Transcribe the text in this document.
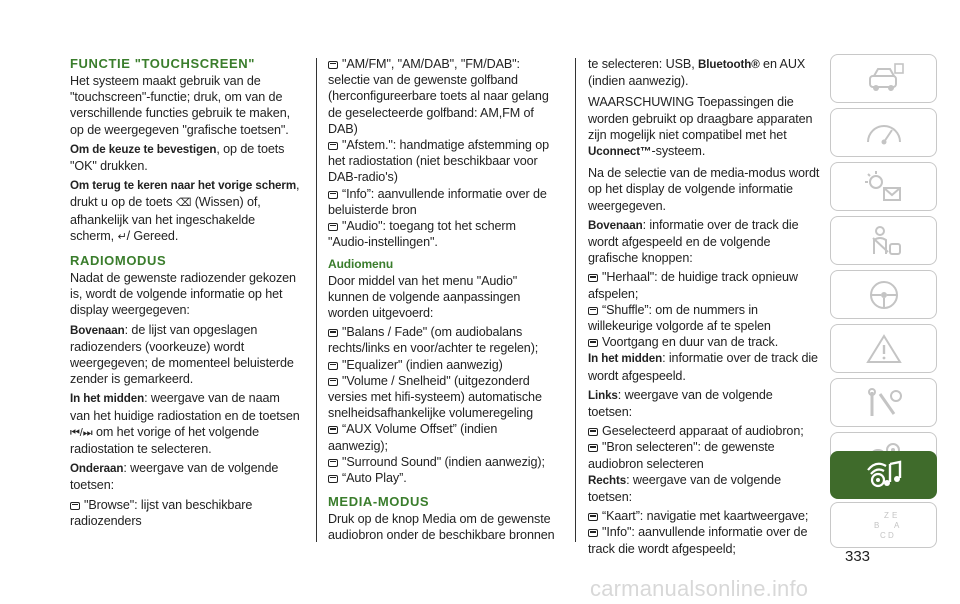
FUNCTIE "TOUCHSCREEN"

Het systeem maakt gebruik van de "touchscreen"-functie; druk, om van de verschillende functies gebruik te maken, op de weergegeven "grafische toetsen".

Om de keuze te bevestigen, op de toets "OK" drukken.

Om terug te keren naar het vorige scherm, drukt u op de toets ⌫ (Wissen) of, afhankelijk van het ingeschakelde scherm, ↵/ Gereed.

RADIOMODUS

Nadat de gewenste radiozender gekozen is, wordt de volgende informatie op het display weergegeven:

Bovenaan: de lijst van opgeslagen radiozenders (voorkeuze) wordt weergegeven; de momenteel beluisterde zender is gemarkeerd.

In het midden: weergave van de naam van het huidige radiostation en de toetsen
⏮/⏭ om het vorige of het volgende radiostation te selecteren.

Onderaan: weergave van de volgende toetsen:

"Browse": lijst van beschikbare radiozenders
"AM/FM", "AM/DAB", "FM/DAB": selectie van de gewenste golfband (herconfigureerbare toets al naar gelang de geselecteerde golfband: AM,FM of DAB)
"Afstem.": handmatige afstemming op het radiostation (niet beschikbaar voor DAB-radio's)
“Info”: aanvullende informatie over de beluisterde bron
"Audio": toegang tot het scherm "Audio-instellingen".
Audiomenu

Door middel van het menu "Audio" kunnen de volgende aanpassingen worden uitgevoerd:

"Balans / Fade" (om audiobalans rechts/links en voor/achter te regelen);
"Equalizer" (indien aanwezig)
"Volume / Snelheid" (uitgezonderd versies met hifi-systeem) automatische snelheidsafhankelijke volumeregeling
“AUX Volume Offset” (indien aanwezig);
"Surround Sound" (indien aanwezig);
“Auto Play”.
MEDIA-MODUS

Druk op de knop Media om de gewenste audiobron onder de beschikbare bronnen

te selecteren: USB, Bluetooth® en AUX (indien aanwezig).

WAARSCHUWING Toepassingen die worden gebruikt op draagbare apparaten zijn mogelijk niet compatibel met het Uconnect™-systeem.

Na de selectie van de media-modus wordt op het display de volgende informatie weergegeven.

Bovenaan: informatie over de track die wordt afgespeeld en de volgende grafische knoppen:

"Herhaal": de huidige track opnieuw afspelen;
“Shuffle”: om de nummers in willekeurige volgorde af te spelen
Voortgang en duur van de track.

In het midden: informatie over de track die wordt afgespeeld.

Links: weergave van de volgende toetsen:

Geselecteerd apparaat of audiobron;
"Bron selecteren": de gewenste audiobron selecteren

Rechts: weergave van de volgende toetsen:

“Kaart”: navigatie met kaartweergave;
"Info": aanvullende informatie over de track die wordt afgespeeld;
Z E
B A
C D
333
carmanualsonline.info
